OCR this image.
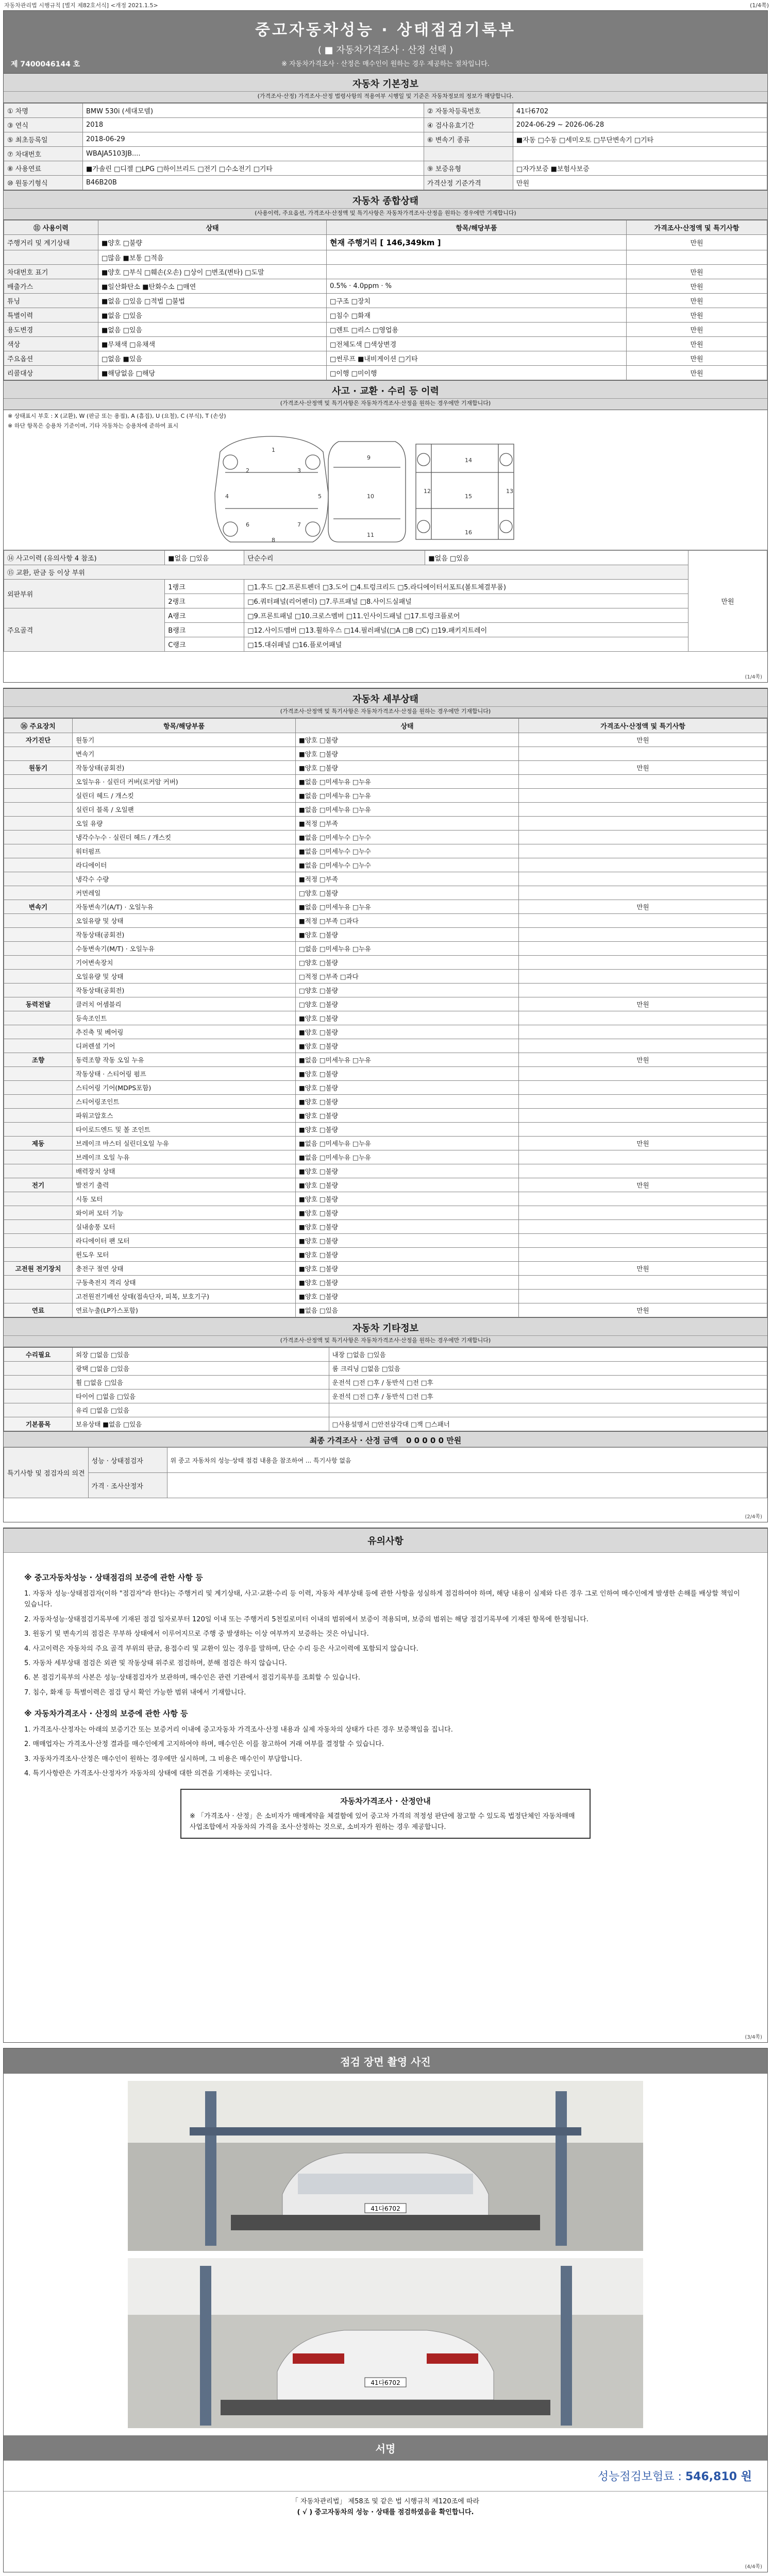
자동차관리법 시행규칙 [별지 제82호서식] <개정 2021.1.5>	(1/4쪽)
중고자동차성능 · 상태점검기록부
( ■ 자동차가격조사 · 산정 선택 )
※ 자동차가격조사 · 산정은 매수인이 원하는 경우 제공하는 절차입니다.
제 7400046144 호
자동차 기본정보
(가격조사·산정) 가격조사·산정 법령사항의 적용여부 시행일 및 기준은 자동차정보의 정보가 해당합니다.
① 차명	BMW 530i (세대모델)	② 자동차등록번호	41다6702
③ 연식	2018	④ 검사유효기간	2024-06-29 ~ 2026-06-28
⑤ 최초등록일	2018-06-29	⑥ 변속기 종류	■자동 □수동 □세미오토 □무단변속기 □기타
⑦ 차대번호	WBAJA5103JB....		
⑧ 사용연료	■가솔린 □디젤 □LPG □하이브리드 □전기 □수소전기 □기타	⑨ 보증유형	□자가보증 ■보험사보증
⑩ 원동기형식	B46B20B	가격산정 기준가격	만원
자동차 종합상태
(사용이력, 주요옵션, 가격조사·산정액 및 특기사항은 자동차가격조사·산정을 원하는 경우에만 기재합니다)
⑪ 사용이력	상태	항목/해당부품	가격조사·산정액 및 특기사항
주행거리 및 계기상태	■양호 □불량	현재 주행거리 [ 146,349km ]	만원
	□많음 ■보통 □적음		
차대번호 표기	■양호 □부식 □훼손(오손) □상이 □변조(변타) □도말		만원
배출가스	■일산화탄소 ■탄화수소 □매연	0.5% · 4.0ppm · %	만원
튜닝	■없음 □있음 □적법 □불법	□구조 □장치	만원
특별이력	■없음 □있음	□침수 □화재	만원
용도변경	■없음 □있음	□렌트 □리스 □영업용	만원
색상	■무채색 □유채색	□전체도색 □색상변경	만원
주요옵션	□없음 ■있음	□썬루프 ■내비게이션 □기타	만원
리콜대상	■해당없음 □해당	□이행 □미이행	만원
사고 · 교환 · 수리 등 이력
(가격조사·산정액 및 특기사항은 자동차가격조사·산정을 원하는 경우에만 기재합니다)
※ 상태표시 부호 : X (교환), W (판금 또는 용접), A (흠집), U (요철), C (부식), T (손상)
※ 하단 항목은 승용차 기준이며, 기타 자동차는 승용차에 준하여 표시
1
2	3
4	5
6	7
8
9
10
11
12	13
14
15
16
⑭ 사고이력 (유의사항 4 참조)	■없음 □있음	단순수리	■없음 □있음	만원
⑮ 교환, 판금 등 이상 부위				
외판부위	1랭크	□1.후드 □2.프론트펜더 □3.도어 □4.트렁크리드 □5.라디에이터서포트(볼트체결부품)		
	2랭크	□6.쿼터패널(리어펜더) □7.루프패널 □8.사이드실패널		
주요골격	A랭크	□9.프론트패널 □10.크로스멤버 □11.인사이드패널 □17.트렁크플로어		
	B랭크	□12.사이드멤버 □13.휠하우스 □14.필러패널(□A □B □C) □19.패키지트레이		
	C랭크	□15.대쉬패널 □16.플로어패널		
(1/4쪽)
자동차 세부상태
(가격조사·산정액 및 특기사항은 자동차가격조사·산정을 원하는 경우에만 기재합니다)
⑯ 주요장치	항목/해당부품	상태	가격조사·산정액 및 특기사항
자기진단	원동기	■양호 □불량	만원
	변속기	■양호 □불량	
원동기	작동상태(공회전)	■양호 □불량	만원
	오일누유 · 실린더 커버(로커암 커버)	■없음 □미세누유 □누유	
	실린더 헤드 / 개스킷	■없음 □미세누유 □누유	
	실린더 블록 / 오일팬	■없음 □미세누유 □누유	
	오일 유량	■적정 □부족	
	냉각수누수 · 실린더 헤드 / 개스킷	■없음 □미세누수 □누수	
	워터펌프	■없음 □미세누수 □누수	
	라디에이터	■없음 □미세누수 □누수	
	냉각수 수량	■적정 □부족	
	커먼레일	□양호 □불량	
변속기	자동변속기(A/T) · 오일누유	■없음 □미세누유 □누유	만원
	오일유량 및 상태	■적정 □부족 □과다	
	작동상태(공회전)	■양호 □불량	
	수동변속기(M/T) · 오일누유	□없음 □미세누유 □누유	
	기어변속장치	□양호 □불량	
	오일유량 및 상태	□적정 □부족 □과다	
	작동상태(공회전)	□양호 □불량	
동력전달	클러치 어셈블리	□양호 □불량	만원
	등속조인트	■양호 □불량	
	추진축 및 베어링	■양호 □불량	
	디퍼렌셜 기어	■양호 □불량	
조향	동력조향 작동 오일 누유	■없음 □미세누유 □누유	만원
	작동상태 · 스티어링 펌프	■양호 □불량	
	스티어링 기어(MDPS포함)	■양호 □불량	
	스티어링조인트	■양호 □불량	
	파워고압호스	■양호 □불량	
	타이로드엔드 및 볼 조인트	■양호 □불량	
제동	브레이크 마스터 실린더오일 누유	■없음 □미세누유 □누유	만원
	브레이크 오일 누유	■없음 □미세누유 □누유	
	배력장치 상태	■양호 □불량	
전기	발전기 출력	■양호 □불량	만원
	시동 모터	■양호 □불량	
	와이퍼 모터 기능	■양호 □불량	
	실내송풍 모터	■양호 □불량	
	라디에이터 팬 모터	■양호 □불량	
	윈도우 모터	■양호 □불량	
고전원 전기장치	충전구 절연 상태	■양호 □불량	만원
	구동축전지 격리 상태	■양호 □불량	
	고전원전기배선 상태(접속단자, 피복, 보호기구)	■양호 □불량	
연료	연료누출(LP가스포함)	■없음 □있음	만원
자동차 기타정보
(가격조사·산정액 및 특기사항은 자동차가격조사·산정을 원하는 경우에만 기재합니다)
수리필요	외장 □없음 □있음	내장 □없음 □있음
	광택 □없음 □있음	룸 크리닝 □없음 □있음
	휠 □없음 □있음	운전석 □전 □후 / 동반석 □전 □후
	타이어 □없음 □있음	운전석 □전 □후 / 동반석 □전 □후
	유리 □없음 □있음	
기본품목	보유상태 ■없음 □있음	□사용설명서 □안전삼각대 □잭 □스패너
최종 가격조사 · 산정 금액 0 0 0 0 0 만원
특기사항 및 점검자의 의견	성능 · 상태점검자	위 중고 자동차의 성능·상태 점검 내용을 참조하여 ... 특기사항 없음
	가격 · 조사산정자	
(2/4쪽)
유의사항
※ 중고자동차성능 · 상태점검의 보증에 관한 사항 등

1. 자동차 성능·상태점검자(이하 "점검자"라 한다)는 주행거리 및 계기상태, 사고·교환·수리 등 이력, 자동차 세부상태 등에 관한 사항을 성실하게 점검하여야 하며, 해당 내용이 실제와 다른 경우 그로 인하여 매수인에게 발생한 손해를 배상할 책임이 있습니다.

2. 자동차성능·상태점검기록부에 기재된 점검 일자로부터 120일 이내 또는 주행거리 5천킬로미터 이내의 범위에서 보증이 적용되며, 보증의 범위는 해당 점검기록부에 기재된 항목에 한정됩니다.

3. 원동기 및 변속기의 점검은 무부하 상태에서 이루어지므로 주행 중 발생하는 이상 여부까지 보증하는 것은 아닙니다.

4. 사고이력은 자동차의 주요 골격 부위의 판금, 용접수리 및 교환이 있는 경우를 말하며, 단순 수리 등은 사고이력에 포함되지 않습니다.

5. 자동차 세부상태 점검은 외관 및 작동상태 위주로 점검하며, 분해 점검은 하지 않습니다.

6. 본 점검기록부의 사본은 성능·상태점검자가 보관하며, 매수인은 관련 기관에서 점검기록부를 조회할 수 있습니다.

7. 침수, 화재 등 특별이력은 점검 당시 확인 가능한 범위 내에서 기재합니다.

※ 자동차가격조사 · 산정의 보증에 관한 사항 등

1. 가격조사·산정자는 아래의 보증기간 또는 보증거리 이내에 중고자동차 가격조사·산정 내용과 실제 자동차의 상태가 다른 경우 보증책임을 집니다.

2. 매매업자는 가격조사·산정 결과를 매수인에게 고지하여야 하며, 매수인은 이를 참고하여 거래 여부를 결정할 수 있습니다.

3. 자동차가격조사·산정은 매수인이 원하는 경우에만 실시하며, 그 비용은 매수인이 부담합니다.

4. 특기사항란은 가격조사·산정자가 자동차의 상태에 대한 의견을 기재하는 곳입니다.

자동차가격조사 · 산정안내
※ 「가격조사 · 산정」은 소비자가 매매계약을 체결함에 있어 중고차 가격의 적정성 판단에 참고할 수 있도록 법정단체인 자동차매매사업조합에서 자동차의 가격을 조사·산정하는 것으로, 소비자가 원하는 경우 제공합니다.
(3/4쪽)
점검 장면 촬영 사진
41다6702
41다6702
서명
성능점검보험료 : 546,810 원
「 자동차관리법」 제58조 및 같은 법 시행규칙 제120조에 따라
( √ ) 중고자동차의 성능 · 상태를 점검하였음을 확인합니다.
(4/4쪽)
